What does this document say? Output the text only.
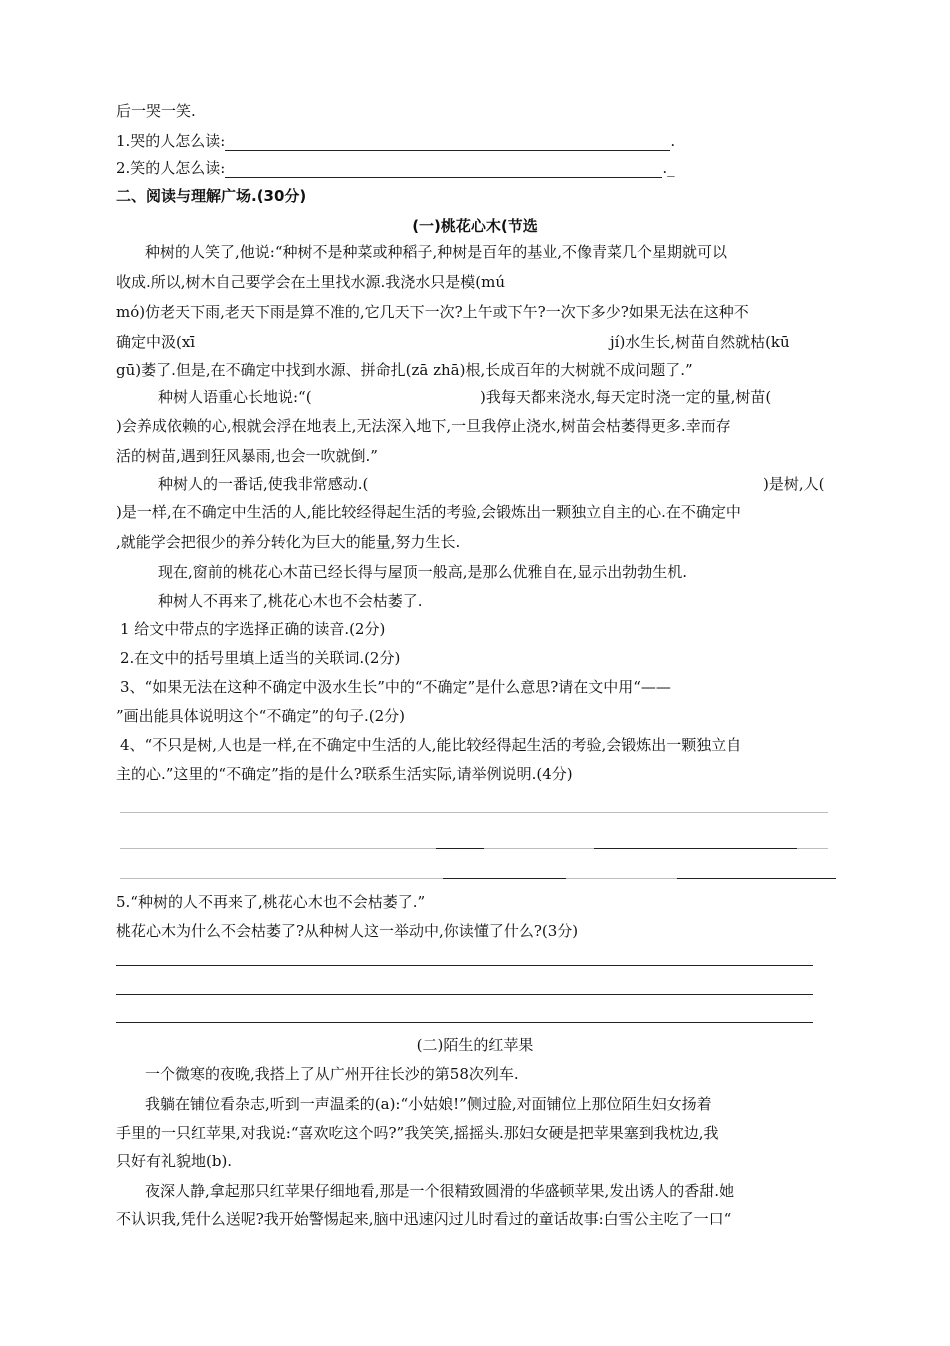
后一哭一笑.
1.哭的人怎么读:	.
2.笑的人怎么读:	._
二、阅读与理解广场.(30分)
(一)桃花心木(节选
种树的人笑了,他说:“种树不是种菜或种稻子,种树是百年的基业,不像青菜几个星期就可以
收成.所以,树木自己要学会在土里找水源.我浇水只是模(mú
mó)仿老天下雨,老天下雨是算不准的,它几天下一次?上午或下午?一次下多少?如果无法在这种不
确定中汲(xī	jí)水生长,树苗自然就枯(kū
gū)萎了.但是,在不确定中找到水源、拼命扎(zā zhā)根,长成百年的大树就不成问题了.”
种树人语重心长地说:“(	)我每天都来浇水,每天定时浇一定的量,树苗(
)会养成依赖的心,根就会浮在地表上,无法深入地下,一旦我停止浇水,树苗会枯萎得更多.幸而存
活的树苗,遇到狂风暴雨,也会一吹就倒.”
种树人的一番话,使我非常感动.(	)是树,人(
)是一样,在不确定中生活的人,能比较经得起生活的考验,会锻炼出一颗独立自主的心.在不确定中
,就能学会把很少的养分转化为巨大的能量,努力生长.
现在,窗前的桃花心木苗已经长得与屋顶一般高,是那么优雅自在,显示出勃勃生机.
种树人不再来了,桃花心木也不会枯萎了.
1 给文中带点的字选择正确的读音.(2分)
2.在文中的括号里填上适当的关联词.(2分)
3、“如果无法在这种不确定中汲水生长”中的“不确定”是什么意思?请在文中用“——
”画出能具体说明这个“不确定”的句子.(2分)
4、“不只是树,人也是一样,在不确定中生活的人,能比较经得起生活的考验,会锻炼出一颗独立自
主的心.”这里的“不确定”指的是什么?联系生活实际,请举例说明.(4分)
5.“种树的人不再来了,桃花心木也不会枯萎了.”
桃花心木为什么不会枯萎了?从种树人这一举动中,你读懂了什么?(3分)
(二)陌生的红苹果
一个微寒的夜晚,我搭上了从广州开往长沙的第58次列车.
我躺在铺位看杂志,听到一声温柔的(a):“小姑娘!”侧过脸,对面铺位上那位陌生妇女扬着
手里的一只红苹果,对我说:“喜欢吃这个吗?”我笑笑,摇摇头.那妇女硬是把苹果塞到我枕边,我
只好有礼貌地(b).
夜深人静,拿起那只红苹果仔细地看,那是一个很精致圆滑的华盛顿苹果,发出诱人的香甜.她
不认识我,凭什么送呢?我开始警惕起来,脑中迅速闪过儿时看过的童话故事:白雪公主吃了一口“
